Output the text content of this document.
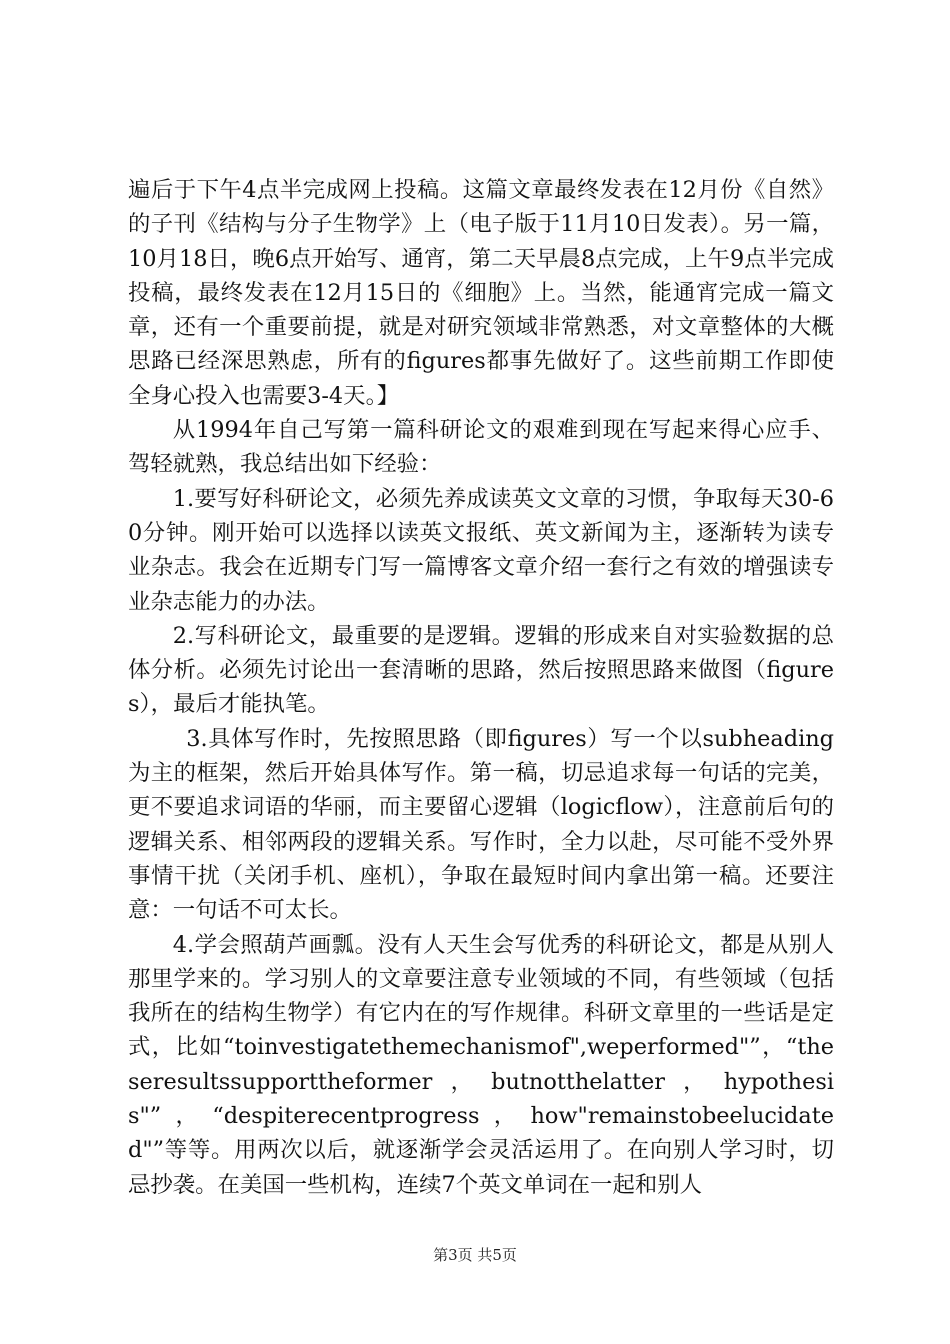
遍后于下午4点半完成网上投稿。这篇文章最终发表在12月份《自然》的子刊《结构与分子生物学》上（电子版于11月10日发表）。另一篇，10月18日，晚6点开始写、通宵，第二天早晨8点完成，上午9点半完成投稿，最终发表在12月15日的《细胞》上。当然，能通宵完成一篇文章，还有一个重要前提，就是对研究领域非常熟悉，对文章整体的大概思路已经深思熟虑，所有的figures都事先做好了。这些前期工作即使全身心投入也需要3-4天。】

从1994年自己写第一篇科研论文的艰难到现在写起来得心应手、驾轻就熟，我总结出如下经验：

1.要写好科研论文，必须先养成读英文文章的习惯，争取每天30-60分钟。刚开始可以选择以读英文报纸、英文新闻为主，逐渐转为读专业杂志。我会在近期专门写一篇博客文章介绍一套行之有效的增强读专业杂志能力的办法。

2.写科研论文，最重要的是逻辑。逻辑的形成来自对实验数据的总体分析。必须先讨论出一套清晰的思路，然后按照思路来做图（figures），最后才能执笔。

3.具体写作时，先按照思路（即figures）写一个以subheading为主的框架，然后开始具体写作。第一稿，切忌追求每一句话的完美，更不要追求词语的华丽，而主要留心逻辑（logicflow），注意前后句的逻辑关系、相邻两段的逻辑关系。写作时，全力以赴，尽可能不受外界事情干扰（关闭手机、座机），争取在最短时间内拿出第一稿。还要注意：一句话不可太长。

4.学会照葫芦画瓢。没有人天生会写优秀的科研论文，都是从别人那里学来的。学习别人的文章要注意专业领域的不同，有些领域（包括我所在的结构生物学）有它内在的写作规律。科研文章里的一些话是定式，比如“toinvestigatethemechanismof",weperformed"”，“theseresultssupporttheformer，butnotthelatter，hypothesis"”，“despiterecentprogress，how"remainstobeelucidated"”等等。用两次以后，就逐渐学会灵活运用了。在向别人学习时，切忌抄袭。在美国一些机构，连续7个英文单词在一起和别人

第3页 共5页
